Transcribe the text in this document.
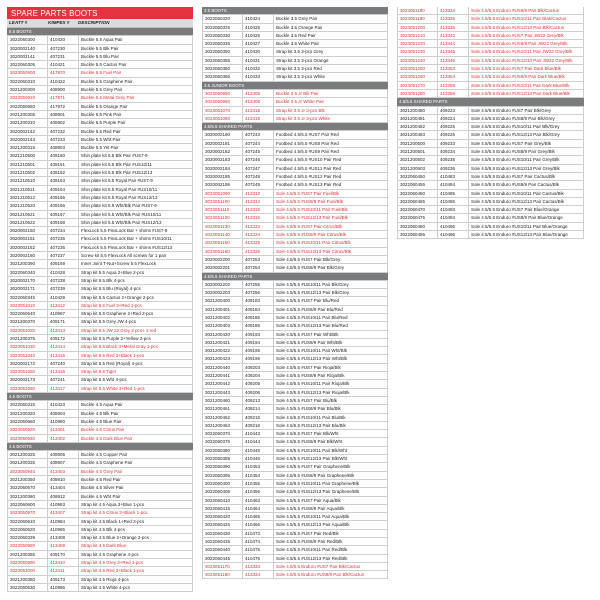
SPARE PARTS BOOTS
LEATT #	KIMPEX #	DESCRIPTION
5.5 BOOTS
3022060300	410420	Buckle 5.5 Aqua Pair
3020002140	407230	Buckle 5.5 Blk Pair
3020002141	407231	Buckle 5.5 Blu Pair
3022060305	410421	Buckle 5.5 Cactus Pair
3023050900	417970	Buckle 5.5 Fuel Pair
3022060310	410422	Buckle 5.5 Graphene Pair
3021200300	408900	Buckle 5.5 Grey Pair
3023050910	417971	Buckle 5.5 Metal Grey Pair
3022060650	417972	Buckle 5.5 Orange Pair
3021200305	408901	Buckle 5.5 Pink Pair
3021200310	408902	Buckle 5.5 Purple Pair
3020002142	407232	Buckle 5.5 Red Pair
3020002143	407233	Buckle 5.5 Wht Pair
3021200315	408903	Buckle 5.5 Yel Pair
3021210500	409160	Shin plate kit 5.5 Blk Pair #US7-9
3021210501	409161	Shin plate kit 5.5 Blk Pair #US10/11
3021210502	409162	Shin plate kit 5.5 Blk Pair #US12/13
3021210510	409163	Shin plate kit 5.5 Royal Pair #US7-9
3021210511	409164	Shin plate kit 5.5 Royal Pair #US10/11
3021210512	409165	Shin plate kit 5.5 Royal Pair #US12/13
3021210520	409166	Shin plate kit 5.5 Wht/Blk Pair #US7-9
3021210521	409167	Shin plate kit 5.5 Wht/Blk Pair #US10/11
3021210522	409168	Shin plate kit 5.5 Wht/Blk Pair #US12/13
3020002150	407234	FlexLock 5.5 FlexLock Bar + shims #US7-9
3020002151	407235	FlexLock 5.5 FlexLock Bar + shims #US10/11
3020002152	407236	FlexLock 5.5 FlexLock Bar + shims #US12/13
3020002160	407237	Screw kit 5.5 FlexLock All screws for 1 pair
3021200390	409169	Inner Joint T-Nut+Screw 5.5 FlexLock
3022060340	410428	Strap kit 5.5 Aqua 2+Blue 2-pcs
3020002170	407238	Strap kit 5.5 Blk 4-pcs
3020002171	407239	Strap kit 5.5 Blu (Royal) 4-pcs
3022060345	410429	Strap kit 5.5 Cactus 2+Orange 2-pcs
3023051010	413412	Strap kit 5.5 Fuel 3+Red 1-pcs
3022060640	410987	Strap kit 5.5 Graphene 2+Red 2-pcs
3021200370	409171	Strap kit 5.5 Grey JW 4-pcs
3023051020	413413	Strap kit 5.5 JW 22 Grey 3 pcs+ 1 red
3021200375	409172	Strap kit 5.5 Purple 2+Yellow 2-pcs
3023051030	413414	Strap kit 5.5 Black 3+Metal Gray 1-pcs
3023051040	413415	Strap kit 5.5 Red 3+Black 1-pcs
3020002172	407240	Strap kit 5.5 Red (Royal) 4-pcs
3023051050	413416	Strap kit 5.5 Tiger
3020002173	407241	Strap kit 5.5 Wht 4-pcs
3023051060	413417	Strap kit 5.5 White 3+Red 1-pcs
4.5 BOOTS
3022060315	410423	Buckle 4.5 Aqua Pair
3021200320	408904	Buckle 4.5 Blk Pair
3022060660	410980	Buckle 4.5 Blue Pair
3023050920	413401	Buckle 4.5 Citrus Pair
3023050930	413402	Buckle 4.5 Dark Blue Pair
4.5 BOOTS
3021200325	408905	Buckle 4.5 Copper Pair
3021200335	408907	Buckle 4.5 Graphene Pair
3023050940	413403	Buckle 4.5 Grey Pair
3021200350	408910	Buckle 4.5 Red Pair
3022060670	413404	Buckle 4.5 Silver Pair
3021200360	408912	Buckle 4.5 Wht Pair
3022060600	410983	Strap kit 4.5 Aqua 3+Blue 1-pcs
3023050970	413407	Strap kit 4.5 Citrus 3+Black 1-pcs
3022060610	410984	Strap kit 4.5 Black 1+Red 3-pcs
3022060620	410985	Strap kit 4.5 Blk 4-pcs
3022060339	413408	Strap kit 4.5 Blue 2+Orange 2-pcs
3023050980	413409	Strap kit 4.5 Dark Blue
3021200365	409170	Strap kit 4.5 Graphene 4-pcs
3023050990	413410	Strap kit 4.5 Grey 3+Red 1-pcs
3023051000	413411	Strap kit 4.5 Red 3+Black 1-pcs
3021200380	409173	Strap kit 4.5 Rioja 4-pcs
3022060630	410986	Strap kit 4.5 White 4-pcs
3.5 BOOTS
3022060320	410424	Buckle 3.5 Grey Pair
3022060325	410425	Buckle 3.5 Orange Pair
3022060330	410426	Buckle 3.5 Red Pair
3022060335	410427	Buckle 3.5 White Pair
3022060350	410430	Strap kit 3.5 3-pcs Grey
3022060355	410431	Strap kit 3.5 3-pcs Orange
3022060360	410432	Strap kit 3.5 3-pcs Red
3022060365	410433	Strap kit 3.5 3-pcs White
3.5 JUNIOR BOOTS
3023050950	413405	Buckle 3.5 Jr Blk Pair
3023050960	413406	Buckle 3.5 Jr White Pair
3023051070	413418	Strap kit 3.5 Jr 3-pcs Blk
3023051080	413419	Strap kit 3.5 Jr 3-pcs White
4.5/5.5 SHARED PARTS
3020002180	407243	Footbed 4.5/5.5 #US7 Pair Red
3020002181	407244	Footbed 4.5/5.5 #US8 Pair Red
3020002182	407245	Footbed 4.5/5.5 #US9 Pair Red
3020002183	407246	Footbed 4.5/5.5 #US10 Pair Red
3020002184	407247	Footbed 4.5/5.5 #US11 Pair Red
3020002185	407248	Footbed 4.5/5.5 #US12 Pair Red
3020002186	407249	Footbed 4.5/5.5 #US13 Pair Red
3023051090	413313	Sole 4.5/5.5 #US7 Pair Fuel/Blk
3023051100	413314	Sole 4.5/5.5 #US8/9 Pair Fuel/Blk
3023051110	413315	Sole 4.5/5.5 #US10/11 Pair Fuel/Blk
3023051120	413316	Sole 4.5/5.5 #US12/13 Pair Fuel/Blk
3023051130	413323	Sole 4.5/5.5 #US7 Pair Citrus/Blk
3023051140	413324	Sole 4.5/5.5 #US8/9 Pair Citrus/Blk
3023051150	413325	Sole 4.5/5.5 #US10/11 Pair Citrus/Blk
3023051160	413326	Sole 4.5/5.5 #US12/13 Pair Citrus/Blk
3020002200	407253	Sole 4.5/5.5 #US7 Pair Blk/Grey
3020002201	407254	Sole 4.5/5.5 #US8/9 Pair Blk/Grey
4.5/5.5 SHARED PARTS
3020002202	407255	Sole 4.5/5.5 #US10/11 Pair Blk/Grey
3020002203	407256	Sole 4.5/5.5 #US12/13 Pair Blk/Grey
3021200400	409183	Sole 4.5/5.5 #US7 Pair Blu/Red
3021200401	409184	Sole 4.5/5.5 #US8/9 Pair Blu/Red
3021200402	409185	Sole 4.5/5.5 #US10/11 Pair Blu/Red
3021200403	409186	Sole 4.5/5.5 #US12/13 Pair Blu/Red
3021200420	409193	Sole 4.5/5.5 #US7 Pair Wht/Blk
3021200421	409194	Sole 4.5/5.5 #US8/9 Pair Wht/Blk
3021200422	409195	Sole 4.5/5.5 #US10/11 Pair Wht/Blk
3021200423	409196	Sole 4.5/5.5 #US12/13 Pair Wht/Blk
3021200440	409203	Sole 4.5/5.5 #US7 Pair Rioja/Blk
3021200441	409204	Sole 4.5/5.5 #US8/9 Pair Rioja/Blk
3021200442	409205	Sole 4.5/5.5 #US10/11 Pair Rioja/Blk
3021200443	409206	Sole 4.5/5.5 #US12/13 Pair Rioja/Blk
3021200460	409213	Sole 4.5/5.5 #US7 Pair Blu/Blk
3021200461	409214	Sole 4.5/5.5 #US8/9 Pair Blu/Blk
3021200462	409215	Sole 4.5/5.5 #US10/11 Pair Blu/Blk
3021200463	409216	Sole 4.5/5.5 #US12/13 Pair Blu/Blk
3022060370	410443	Sole 4.5/5.5 #US7 Pair Blk/Wht
3022060375	410444	Sole 4.5/5.5 #US8/9 Pair Blk/Wht
3022060380	410445	Sole 4.5/5.5 #US10/11 Pair Blk/Wht
3022060385	410446	Sole 4.5/5.5 #US12/13 Pair Blk/Wht
3022060390	410453	Sole 4.5/5.5 #US7 Pair Graphene/Blk
3022060395	410454	Sole 4.5/5.5 #US8/9 Pair Graphene/Blk
3022060400	410455	Sole 4.5/5.5 #US10/11 Pair Graphene/Blk
3022060405	410456	Sole 4.5/5.5 #US12/13 Pair Graphene/Blk
3022060410	410463	Sole 4.5/5.5 #US7 Pair Aqua/Blk
3022060415	410464	Sole 4.5/5.5 #US8/9 Pair Aqua/Blk
3022060420	410465	Sole 4.5/5.5 #US10/11 Pair Aqua/Blk
3022060425	410466	Sole 4.5/5.5 #US12/13 Pair Aqua/Blk
3022060430	410473	Sole 4.5/5.5 #US7 Pair Red/Blk
3022060435	410474	Sole 4.5/5.5 #US8/9 Pair Red/Blk
3022060440	410475	Sole 4.5/5.5 #US10/11 Pair Red/Blk
3022060445	410476	Sole 4.5/5.5 #US12/13 Pair Red/Blk
3023051170	413333	Sole 4.5/5.5 Enduro #US7 Pair Blk/Cactus
3023051180	413334	Sole 4.5/5.5 Enduro #US8/9 Pair Blk/Cactus
3023051180	413334	Sole 4.5/5.5 Enduro #US8/9 Pair Blk/Cactus
3023051190	413335	Sole 4.5/5.5 Enduro #US10/11 Pair Blak/Cactus
3023051200	413336	Sole 4.5/5.5 Enduro #US12/13 Pair Blk/Cactus
3023051210	413343	Sole 4.5/5.5 Enduro #US7 Pair JW22 Grey/Blk
3023051220	413344	Sole 4.5/5.5 Enduro #US8/9 Pair JW22 Grey/Blk
3023051230	413345	Sole 4.5/5.5 Enduro #US10/11 Pair JW22 Grey/Blk
3023051240	413346	Sole 4.5/5.5 Enduro #US12/13 Pair JW22 Grey/Blk
3023051250	413353	Sole 4.5/5.5 Enduro #US7 Pair Dark Blue/Blk
3023051260	413354	Sole 4.5/5.5 Enduro #US8/9 Pair Dark Blue/Blk
3023051270	413355	Sole 4.5/5.5 Enduro #US10/11 Pair Dark Blue/Blk
3023051280	413356	Sole 4.5/5.5 Enduro #US12/13 Pair Dark Blue/Blk
4.5/5.5 SHARED PARTS
3021200480	409223	Sole 4.5/5.5 Enduro #US7 Pair Blk/Grey
3021200481	409224	Sole 4.5/5.5 Enduro #US8/9 Pair Blk/Grey
3021200482	409225	Sole 4.5/5.5 Enduro #US10/11 Pair Blk/Grey
3021200483	409226	Sole 4.5/5.5 Enduro #US12/13 Pair Blk/Grey
3021200500	409233	Sole 4.5/5.5 Enduro #US7 Pair Grey/Blk
3021200501	409234	Sole 4.5/5.5 Enduro #US8/9 Pair Grey/Blk
3021200502	409235	Sole 4.5/5.5 Enduro #US10/11 Pair Grey/Blk
3021200503	409236	Sole 4.5/5.5 Enduro #US12/13 Pair Grey/Blk
3022060450	410483	Sole 4.5/5.5 Enduro #US7 Pair Cactus/Blk
3022060455	410484	Sole 4.5/5.5 Enduro #US8/9 Pair Cactus/Blk
3022060460	410485	Sole 4.5/5.5 Enduro #US10/11 Pair Cactus/Blk
3022060465	410486	Sole 4.5/5.5 Enduro #US12/13 Pair Cactus/Blk
3022060470	410493	Sole 4.5/5.5 Enduro #US7 Pair Blue/Orange
3022060475	410494	Sole 4.5/5.5 Enduro #US8/9 Pair Blue/Orange
3022060480	410495	Sole 4.5/5.5 Enduro #US10/11 Pair Blue/Orange
3022060485	410496	Sole 4.5/5.5 Enduro #US12/13 Pair Blue/Orange
